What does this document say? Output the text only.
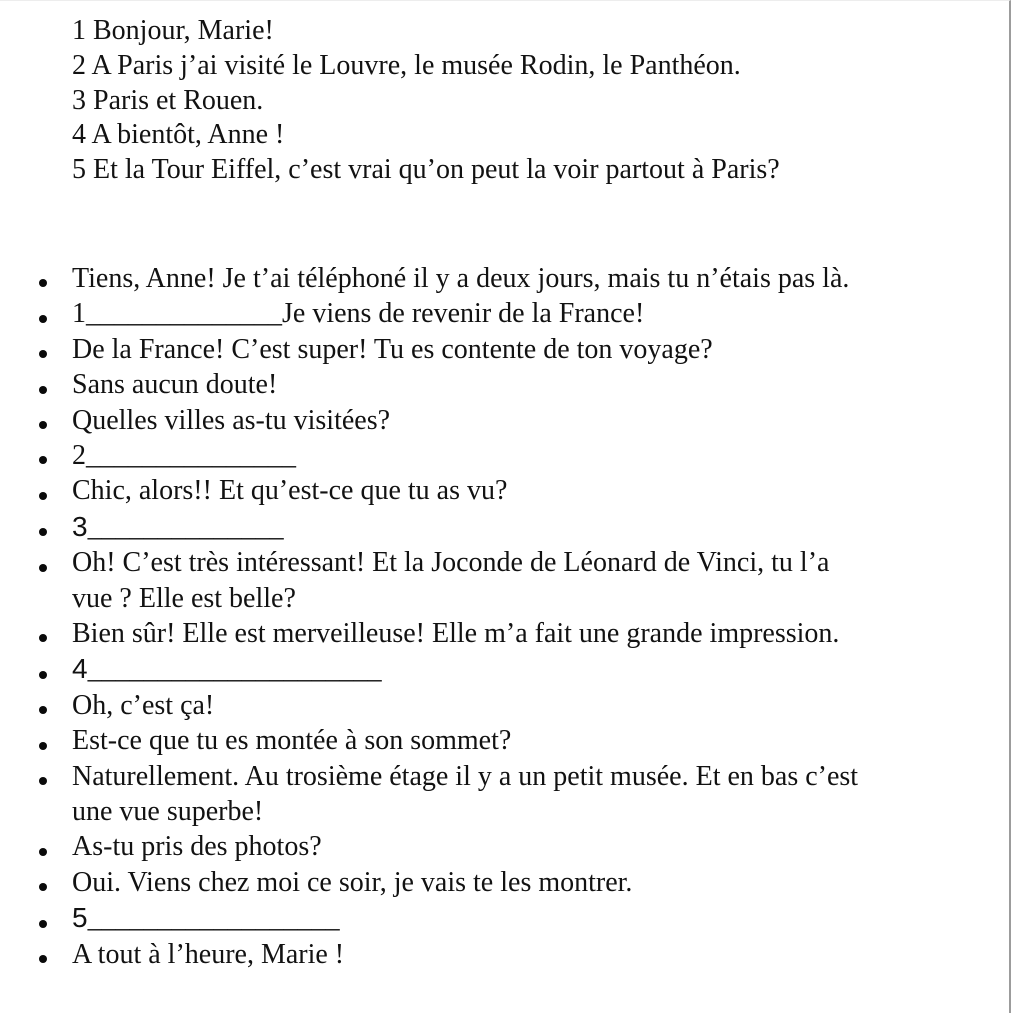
1 Bonjour, Marie!
2 A Paris j’ai visité le Louvre, le musée Rodin, le Panthéon.
3 Paris et Rouen.
4 A bientôt, Anne !
5 Et la Tour Eiffel, c’est vrai qu’on peut la voir partout à Paris?
Tiens, Anne! Je t’ai téléphoné il y a deux jours, mais tu n’étais pas là.
1______________Je viens de revenir de la France!
De la France! C’est super! Tu es contente de ton voyage?
Sans aucun doute!
Quelles villes as-tu visitées?
2_______________
Chic, alors!! Et qu’est-ce que tu as vu?
3______________
Oh! C’est très intéressant! Et la Joconde de Léonard de Vinci, tu l’a
vue ? Elle est belle?
Bien sûr! Elle est merveilleuse! Elle m’a fait une grande impression.
4_____________________
Oh, c’est ça!
Est-ce que tu es montée à son sommet?
Naturellement. Au trosième étage il y a un petit musée. Et en bas c’est
une vue superbe!
As-tu pris des photos?
Oui. Viens chez moi ce soir, je vais te les montrer.
5__________________
A tout à l’heure, Marie !
